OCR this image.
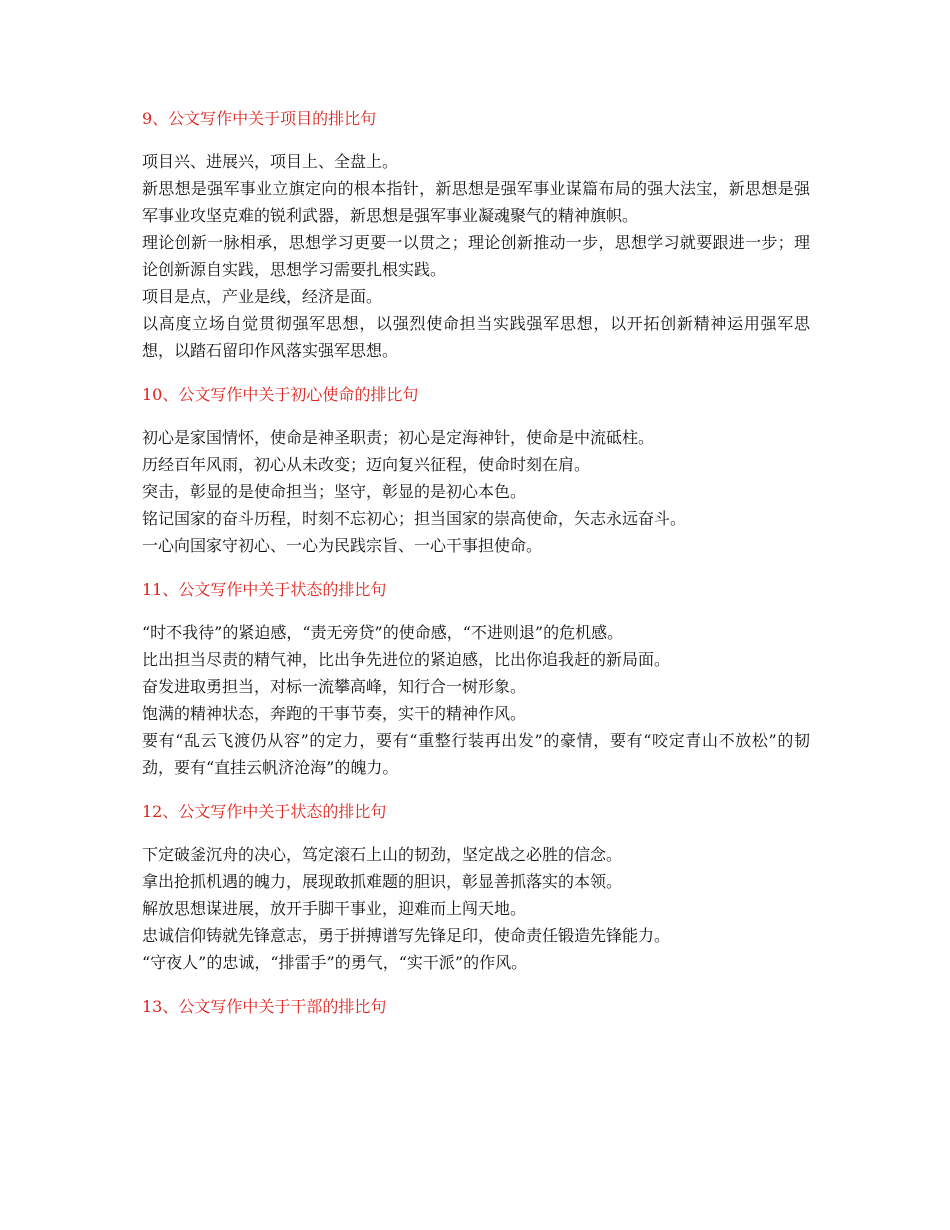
9、公文写作中关于项目的排比句

项目兴、进展兴，项目上、全盘上。

新思想是强军事业立旗定向的根本指针，新思想是强军事业谋篇布局的强大法宝，新思想是强军事业攻坚克难的锐利武器，新思想是强军事业凝魂聚气的精神旗帜。

理论创新一脉相承，思想学习更要一以贯之；理论创新推动一步，思想学习就要跟进一步；理论创新源自实践，思想学习需要扎根实践。

项目是点，产业是线，经济是面。

以高度立场自觉贯彻强军思想，以强烈使命担当实践强军思想，以开拓创新精神运用强军思想，以踏石留印作风落实强军思想。

10、公文写作中关于初心使命的排比句

初心是家国情怀，使命是神圣职责；初心是定海神针，使命是中流砥柱。

历经百年风雨，初心从未改变；迈向复兴征程，使命时刻在肩。

突击，彰显的是使命担当；坚守，彰显的是初心本色。

铭记国家的奋斗历程，时刻不忘初心；担当国家的崇高使命，矢志永远奋斗。

一心向国家守初心、一心为民践宗旨、一心干事担使命。

11、公文写作中关于状态的排比句

“时不我待”的紧迫感，“责无旁贷”的使命感，“不进则退”的危机感。

比出担当尽责的精气神，比出争先进位的紧迫感，比出你追我赶的新局面。

奋发进取勇担当，对标一流攀高峰，知行合一树形象。

饱满的精神状态，奔跑的干事节奏，实干的精神作风。

要有“乱云飞渡仍从容”的定力，要有“重整行装再出发”的豪情，要有“咬定青山不放松”的韧劲，要有“直挂云帆济沧海”的魄力。

12、公文写作中关于状态的排比句

下定破釜沉舟的决心，笃定滚石上山的韧劲，坚定战之必胜的信念。

拿出抢抓机遇的魄力，展现敢抓难题的胆识，彰显善抓落实的本领。

解放思想谋进展，放开手脚干事业，迎难而上闯天地。

忠诚信仰铸就先锋意志，勇于拼搏谱写先锋足印，使命责任锻造先锋能力。

“守夜人”的忠诚，“排雷手”的勇气，“实干派”的作风。

13、公文写作中关于干部的排比句
